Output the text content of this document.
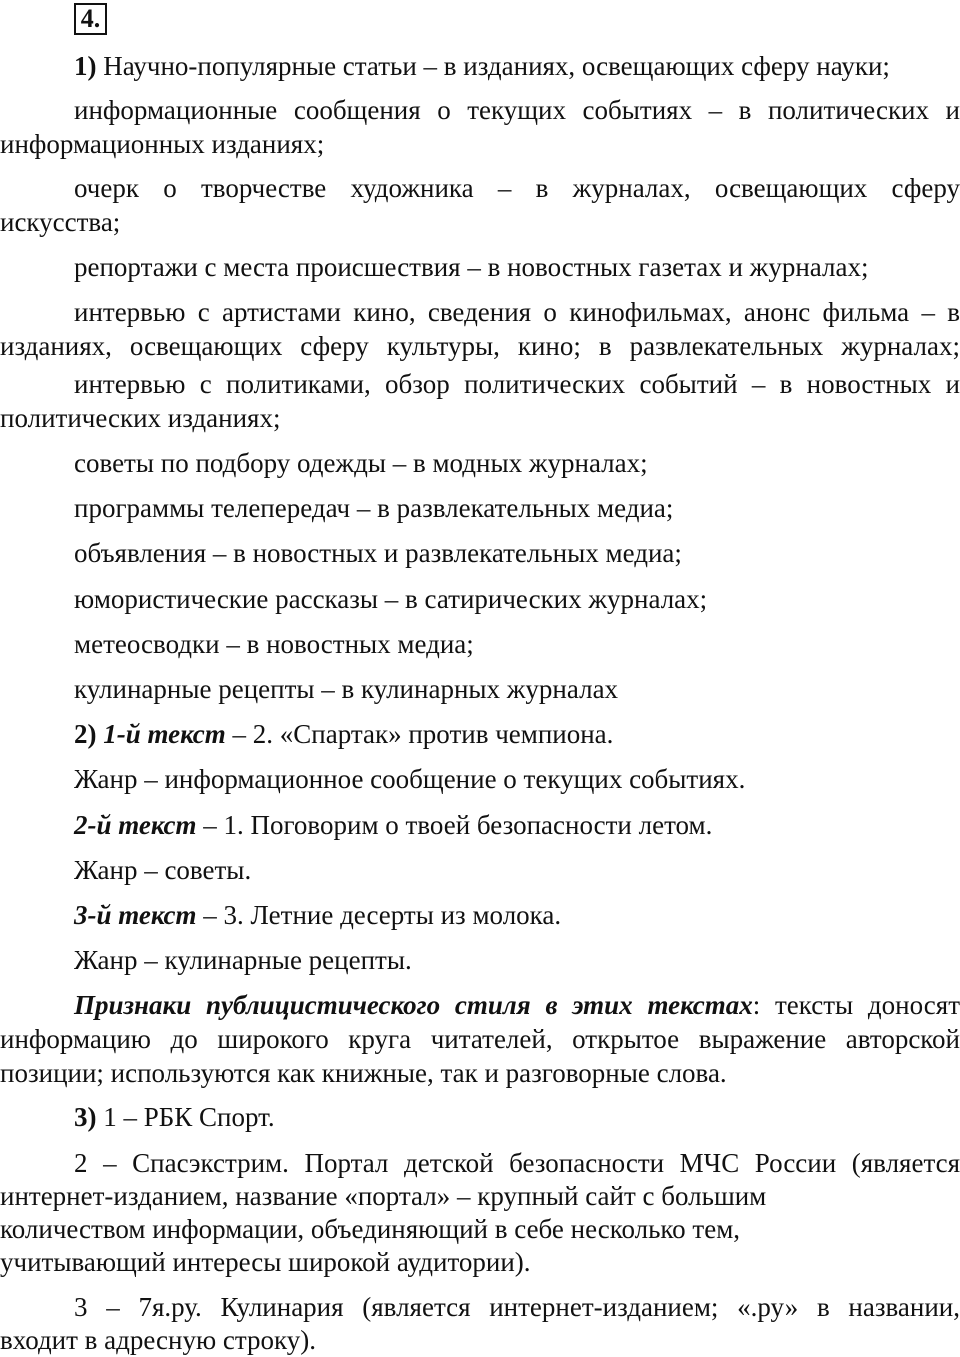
4.
1) Научно-популярные статьи – в изданиях, освещающих сферу науки;
информационные сообщения о текущих событиях – в политических и
информационных изданиях;
очерк о творчестве художника – в журналах, освещающих сферу
искусства;
репортажи с места происшествия – в новостных газетах и журналах;
интервью с артистами кино, сведения о кинофильмах, анонс фильма – в
изданиях, освещающих сферу культуры, кино; в развлекательных журналах;
интервью с политиками, обзор политических событий – в новостных и
политических изданиях;
советы по подбору одежды – в модных журналах;
программы телепередач – в развлекательных медиа;
объявления – в новостных и развлекательных медиа;
юмористические рассказы – в сатирических журналах;
метеосводки – в новостных медиа;
кулинарные рецепты – в кулинарных журналах
2) 1-й текст – 2. «Спартак» против чемпиона.
Жанр – информационное сообщение о текущих событиях.
2-й текст – 1. Поговорим о твоей безопасности летом.
Жанр – советы.
3-й текст – 3. Летние десерты из молока.
Жанр – кулинарные рецепты.
Признаки публицистического стиля в этих текстах: тексты доносят
информацию до широкого круга читателей, открытое выражение авторской
позиции; используются как книжные, так и разговорные слова.
3) 1 – РБК Спорт.
2 – Спасэкстрим. Портал детской безопасности МЧС России (является
интернет-изданием, название «портал» – крупный сайт с большим
количеством информации, объединяющий в себе несколько тем,
учитывающий интересы широкой аудитории).
3 – 7я.ру. Кулинария (является интернет-изданием; «.ру» в названии,
входит в адресную строку).
